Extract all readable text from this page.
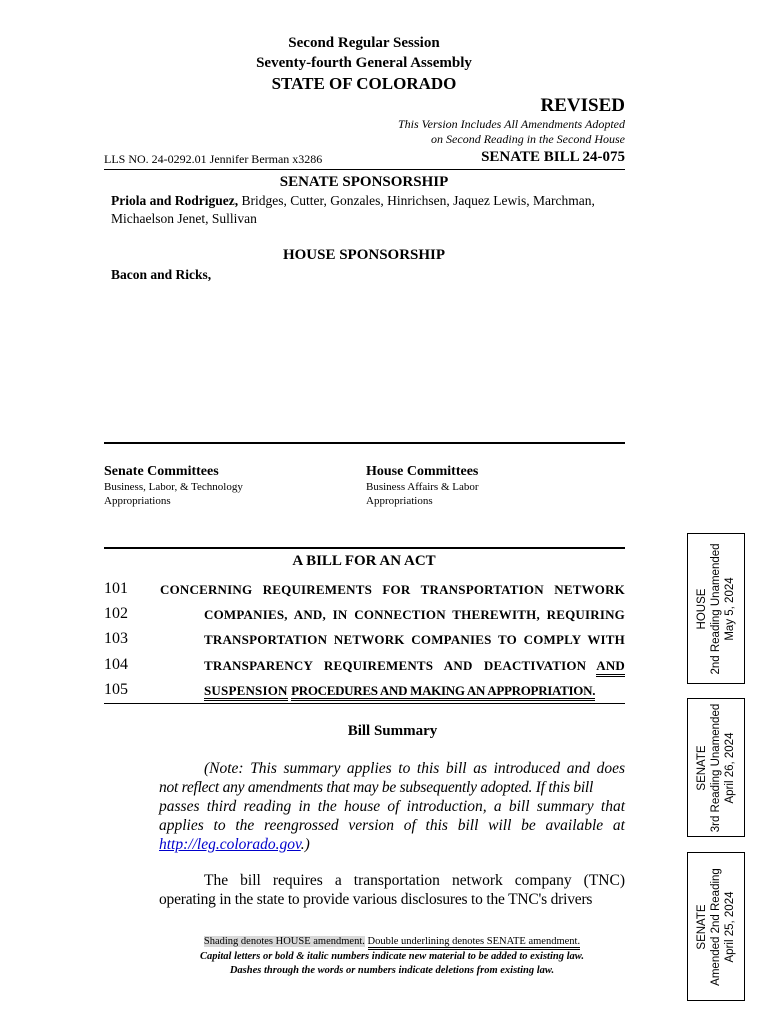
Second Regular Session
Seventy-fourth General Assembly
STATE OF COLORADO
REVISED
This Version Includes All Amendments Adopted
on Second Reading in the Second House
LLS NO. 24-0292.01 Jennifer Berman x3286	SENATE BILL 24-075
SENATE SPONSORSHIP
Priola and Rodriguez, Bridges, Cutter, Gonzales, Hinrichsen, Jaquez Lewis, Marchman,
Michaelson Jenet, Sullivan
HOUSE SPONSORSHIP
Bacon and Ricks,
Senate Committees
Business, Labor, & Technology
Appropriations
House Committees
Business Affairs & Labor
Appropriations
A BILL FOR AN ACT
101 CONCERNING REQUIREMENTS FOR TRANSPORTATION NETWORK
102	COMPANIES, AND, IN CONNECTION THEREWITH, REQUIRING
103	TRANSPORTATION NETWORK COMPANIES TO COMPLY WITH
104	TRANSPARENCY REQUIREMENTS AND DEACTIVATION AND
105	SUSPENSION PROCEDURES AND MAKING AN APPROPRIATION.
Bill Summary
(Note: This summary applies to this bill as introduced and does
not reflect any amendments that may be subsequently adopted. If this bill
passes third reading in the house of introduction, a bill summary that
applies to the reengrossed version of this bill will be available at
http://leg.colorado.gov.)
The bill requires a transportation network company (TNC)
operating in the state to provide various disclosures to the TNC's drivers
Shading denotes HOUSE amendment. Double underlining denotes SENATE amendment.
Capital letters or bold & italic numbers indicate new material to be added to existing law.
Dashes through the words or numbers indicate deletions from existing law.
HOUSE 2nd Reading Unamended May 5, 2024
SENATE 3rd Reading Unamended April 26, 2024
SENATE Amended 2nd Reading April 25, 2024
